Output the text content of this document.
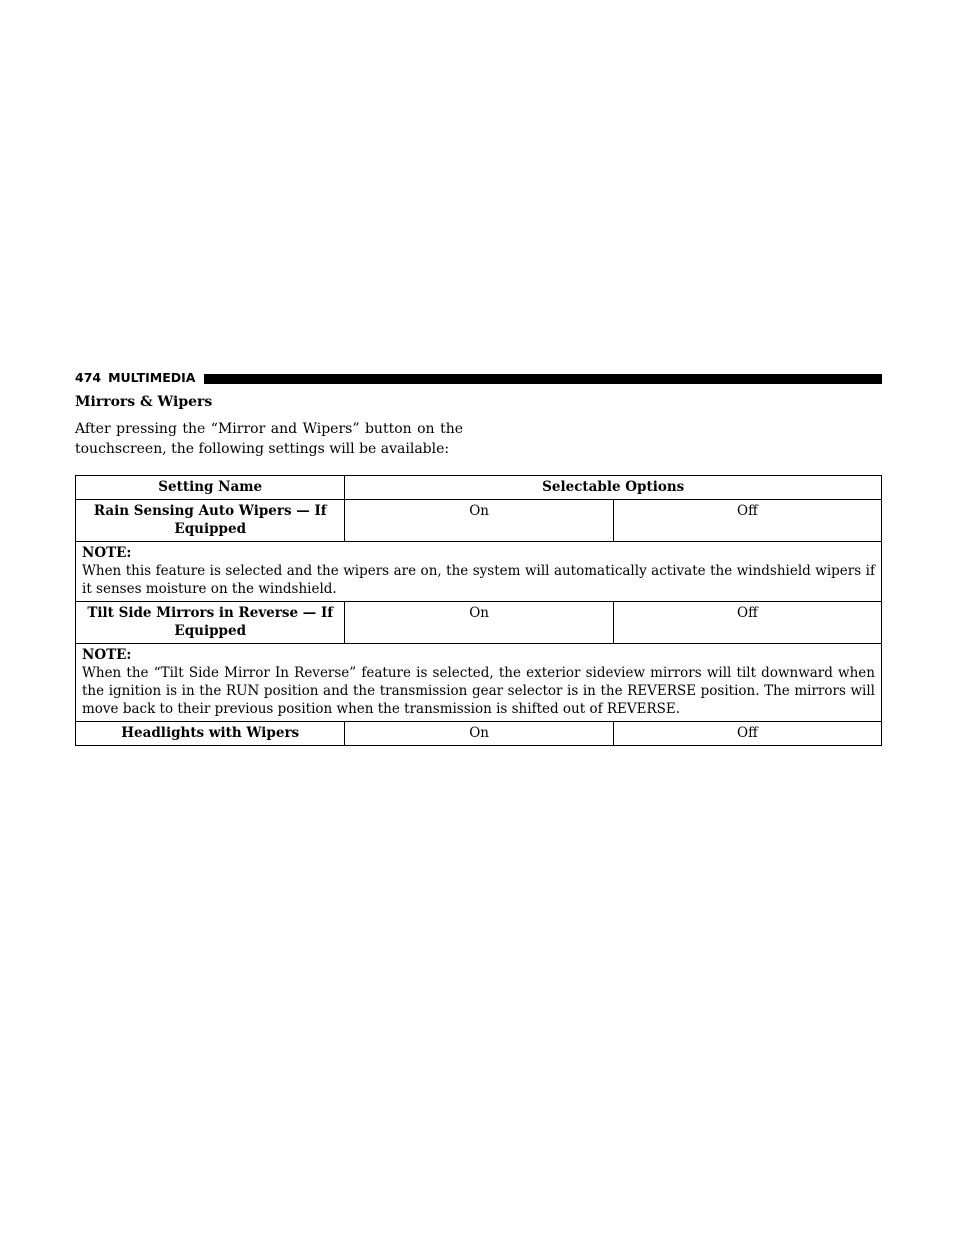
474 MULTIMEDIA
Mirrors & Wipers
After pressing the “Mirror and Wipers” button on the
touchscreen, the following settings will be available:
Setting Name	Selectable Options	
Rain Sensing Auto Wipers — If Equipped	On	Off

NOTE:
When this feature is selected and the wipers are on, the system will automatically activate the windshield wipers if it senses moisture on the windshield.		

Tilt Side Mirrors in Reverse — If Equipped	On	Off

NOTE:
When the “Tilt Side Mirror In Reverse” feature is selected, the exterior sideview mirrors will tilt downward when the ignition is in the RUN position and the transmission gear selector is in the REVERSE position. The mirrors will move back to their previous position when the transmission is shifted out of REVERSE.		

Headlights with Wipers	On	Off
